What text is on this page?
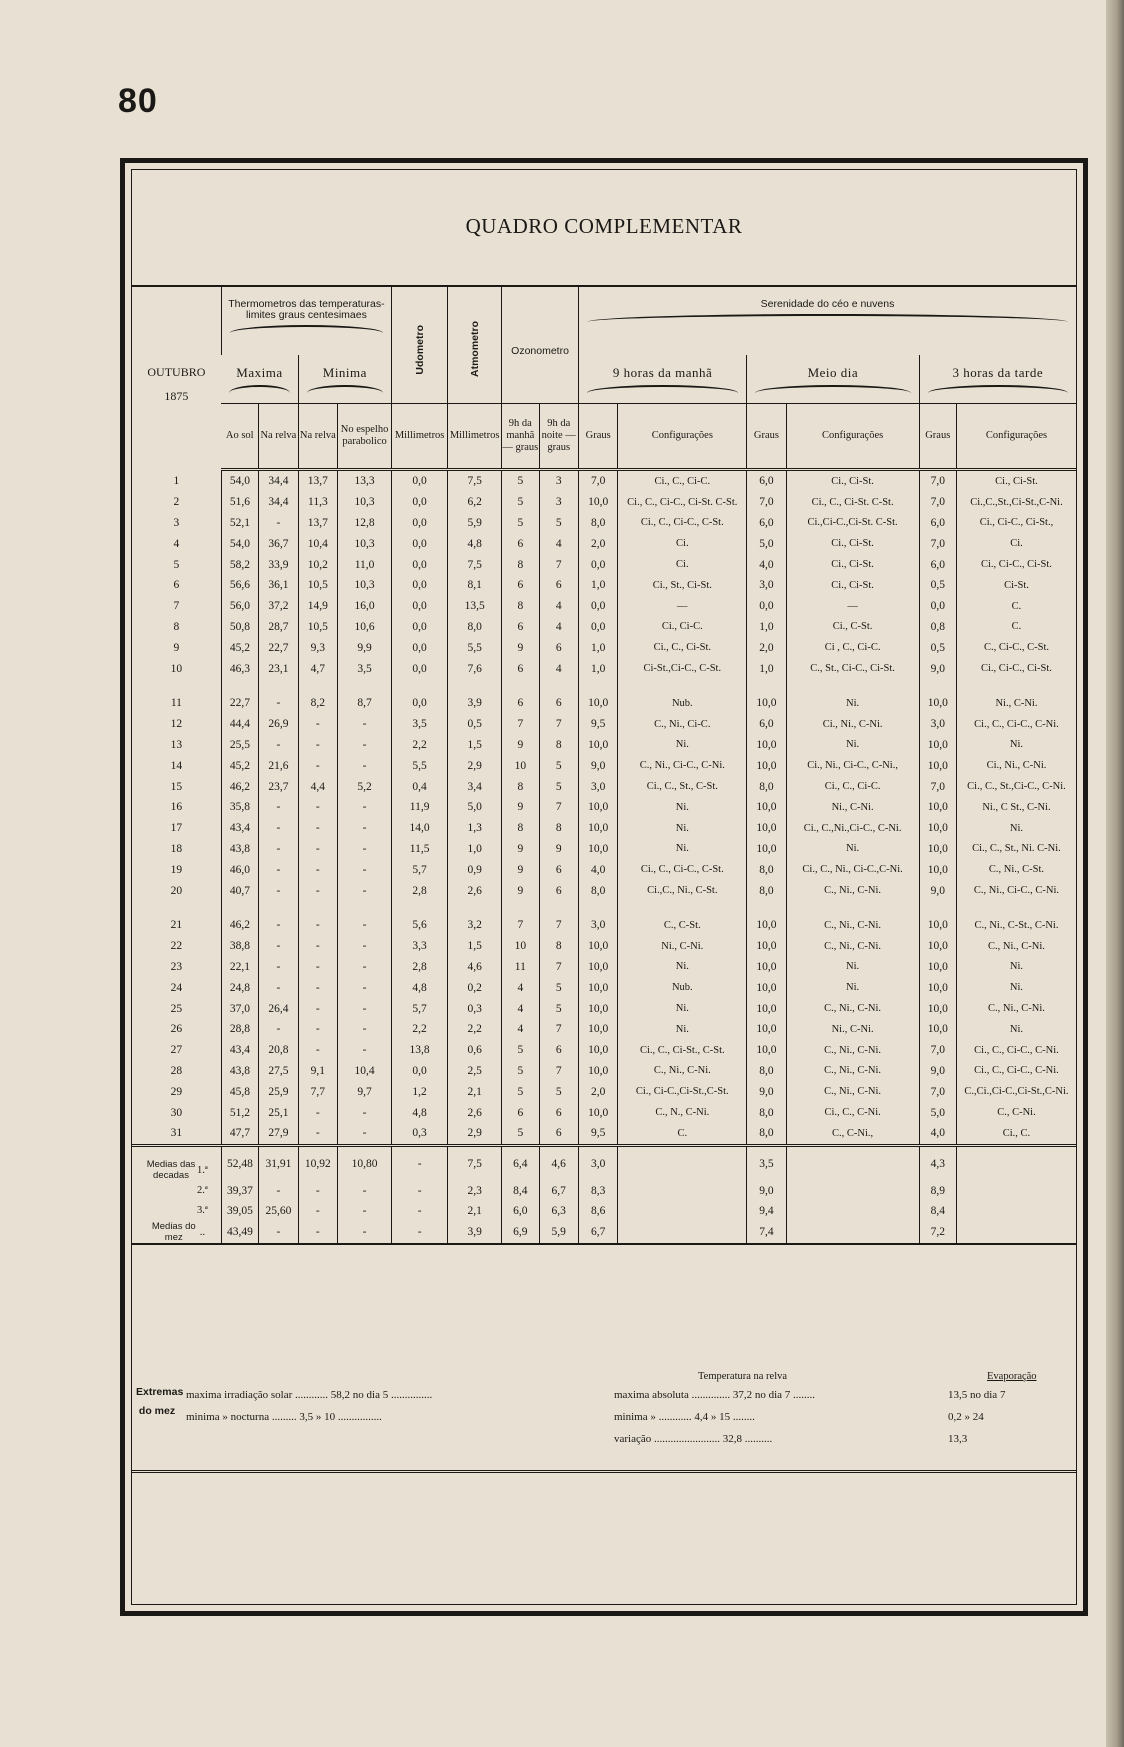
80
QUADRO COMPLEMENTAR
OUTUBRO
1875	Thermometros das temperaturas-limites graus centesimaes				Udometro	Atmometro	Ozonometro		Serenidade do céo e nuvens					

	Maxima		Minima						9 horas da manhã		Meio dia		3 horas da tarde	

	Ao sol	Na relva	Na relva	No espelho parabolico	Millimetros	Millimetros	9h da manhã — graus	9h da noite — graus	Graus	Configurações	Graus	Configurações	Graus	Configurações
1	54,0	34,4	13,7	13,3	0,0	7,5	5	3	7,0	Ci., C., Ci-C.	6,0	Ci., Ci-St.	7,0	Ci., Ci-St.
2	51,6	34,4	11,3	10,3	0,0	6,2	5	3	10,0	Ci., C., Ci-C., Ci-St. C-St.	7,0	Ci., C., Ci-St. C-St.	7,0	Ci.,C.,St.,Ci-St.,C-Ni.
3	52,1	-	13,7	12,8	0,0	5,9	5	5	8,0	Ci., C., Ci-C., C-St.	6,0	Ci.,Ci-C.,Ci-St. C-St.	6,0	Ci., Ci-C., Ci-St.,
4	54,0	36,7	10,4	10,3	0,0	4,8	6	4	2,0	Ci.	5,0	Ci., Ci-St.	7,0	Ci.
5	58,2	33,9	10,2	11,0	0,0	7,5	8	7	0,0	Ci.	4,0	Ci., Ci-St.	6,0	Ci., Ci-C., Ci-St.
6	56,6	36,1	10,5	10,3	0,0	8,1	6	6	1,0	Ci., St., Ci-St.	3,0	Ci., Ci-St.	0,5	Ci-St.
7	56,0	37,2	14,9	16,0	0,0	13,5	8	4	0,0	—	0,0	—	0,0	C.
8	50,8	28,7	10,5	10,6	0,0	8,0	6	4	0,0	Ci., Ci-C.	1,0	Ci., C-St.	0,8	C.
9	45,2	22,7	9,3	9,9	0,0	5,5	9	6	1,0	Ci., C., Ci-St.	2,0	Ci , C., Ci-C.	0,5	C., Ci-C., C-St.
10	46,3	23,1	4,7	3,5	0,0	7,6	6	4	1,0	Ci-St.,Ci-C., C-St.	1,0	C., St., Ci-C., Ci-St.	9,0	Ci., Ci-C., Ci-St.

11	22,7	-	8,2	8,7	0,0	3,9	6	6	10,0	Nub.	10,0	Ni.	10,0	Ni., C-Ni.
12	44,4	26,9	-	-	3,5	0,5	7	7	9,5	C., Ni., Ci-C.	6,0	Ci., Ni., C-Ni.	3,0	Ci., C., Ci-C., C-Ni.
13	25,5	-	-	-	2,2	1,5	9	8	10,0	Ni.	10,0	Ni.	10,0	Ni.
14	45,2	21,6	-	-	5,5	2,9	10	5	9,0	C., Ni., Ci-C., C-Ni.	10,0	Ci., Ni., Ci-C., C-Ni.,	10,0	Ci., Ni., C-Ni.
15	46,2	23,7	4,4	5,2	0,4	3,4	8	5	3,0	Ci., C., St., C-St.	8,0	Ci., C., Ci-C.	7,0	Ci., C., St.,Ci-C., C-Ni.
16	35,8	-	-	-	11,9	5,0	9	7	10,0	Ni.	10,0	Ni., C-Ni.	10,0	Ni., C St., C-Ni.
17	43,4	-	-	-	14,0	1,3	8	8	10,0	Ni.	10,0	Ci., C.,Ni.,Ci-C., C-Ni.	10,0	Ni.
18	43,8	-	-	-	11,5	1,0	9	9	10,0	Ni.	10,0	Ni.	10,0	Ci., C., St., Ni. C-Ni.
19	46,0	-	-	-	5,7	0,9	9	6	4,0	Ci., C., Ci-C., C-St.	8,0	Ci., C., Ni., Ci-C.,C-Ni.	10,0	C., Ni., C-St.
20	40,7	-	-	-	2,8	2,6	9	6	8,0	Ci.,C., Ni., C-St.	8,0	C., Ni., C-Ni.	9,0	C., Ni., Ci-C., C-Ni.

21	46,2	-	-	-	5,6	3,2	7	7	3,0	C., C-St.	10,0	C., Ni., C-Ni.	10,0	C., Ni., C-St., C-Ni.
22	38,8	-	-	-	3,3	1,5	10	8	10,0	Ni., C-Ni.	10,0	C., Ni., C-Ni.	10,0	C., Ni., C-Ni.
23	22,1	-	-	-	2,8	4,6	11	7	10,0	Ni.	10,0	Ni.	10,0	Ni.
24	24,8	-	-	-	4,8	0,2	4	5	10,0	Nub.	10,0	Ni.	10,0	Ni.
25	37,0	26,4	-	-	5,7	0,3	4	5	10,0	Ni.	10,0	C., Ni., C-Ni.	10,0	C., Ni., C-Ni.
26	28,8	-	-	-	2,2	2,2	4	7	10,0	Ni.	10,0	Ni., C-Ni.	10,0	Ni.
27	43,4	20,8	-	-	13,8	0,6	5	6	10,0	Ci., C., Ci-St., C-St.	10,0	C., Ni., C-Ni.	7,0	Ci., C., Ci-C., C-Ni.
28	43,8	27,5	9,1	10,4	0,0	2,5	5	7	10,0	C., Ni., C-Ni.	8,0	C., Ni., C-Ni.	9,0	Ci., C., Ci-C., C-Ni.
29	45,8	25,9	7,7	9,7	1,2	2,1	5	5	2,0	Ci., Ci-C.,Ci-St.,C-St.	9,0	C., Ni., C-Ni.	7,0	C.,Ci.,Ci-C.,Ci-St.,C-Ni.
30	51,2	25,1	-	-	4,8	2,6	6	6	10,0	C., N., C-Ni.	8,0	Ci., C., C-Ni.	5,0	C., C-Ni.
31	47,7	27,9	-	-	0,3	2,9	5	6	9,5	C.	8,0	C., C-Ni.,	4,0	Ci., C.
Medias das decadas 1.ª	52,48	31,91	10,92	10,80	-	7,5	6,4	4,6	3,0		3,5		4,3	
2.ª	39,37	-	-	-	-	2,3	8,4	6,7	8,3		9,0		8,9	
3.ª	39,05	25,60	-	-	-	2,1	6,0	6,3	8,6		9,4		8,4	
Medias do mez ..	43,49	-	-	-	-	3,9	6,9	5,9	6,7		7,4		7,2	
Extremas do mez
Temperatura na relva	Evaporação
maxima irradiação solar ............ 58,2 no dia 5 ...............	maxima absoluta .............. 37,2 no dia 7 ........	13,5 no dia 7
minima » nocturna ......... 3,5 » 10 ................	minima » ............ 4,4 » 15 ........	0,2 » 24
variação ........................ 32,8 ..........	13,3
